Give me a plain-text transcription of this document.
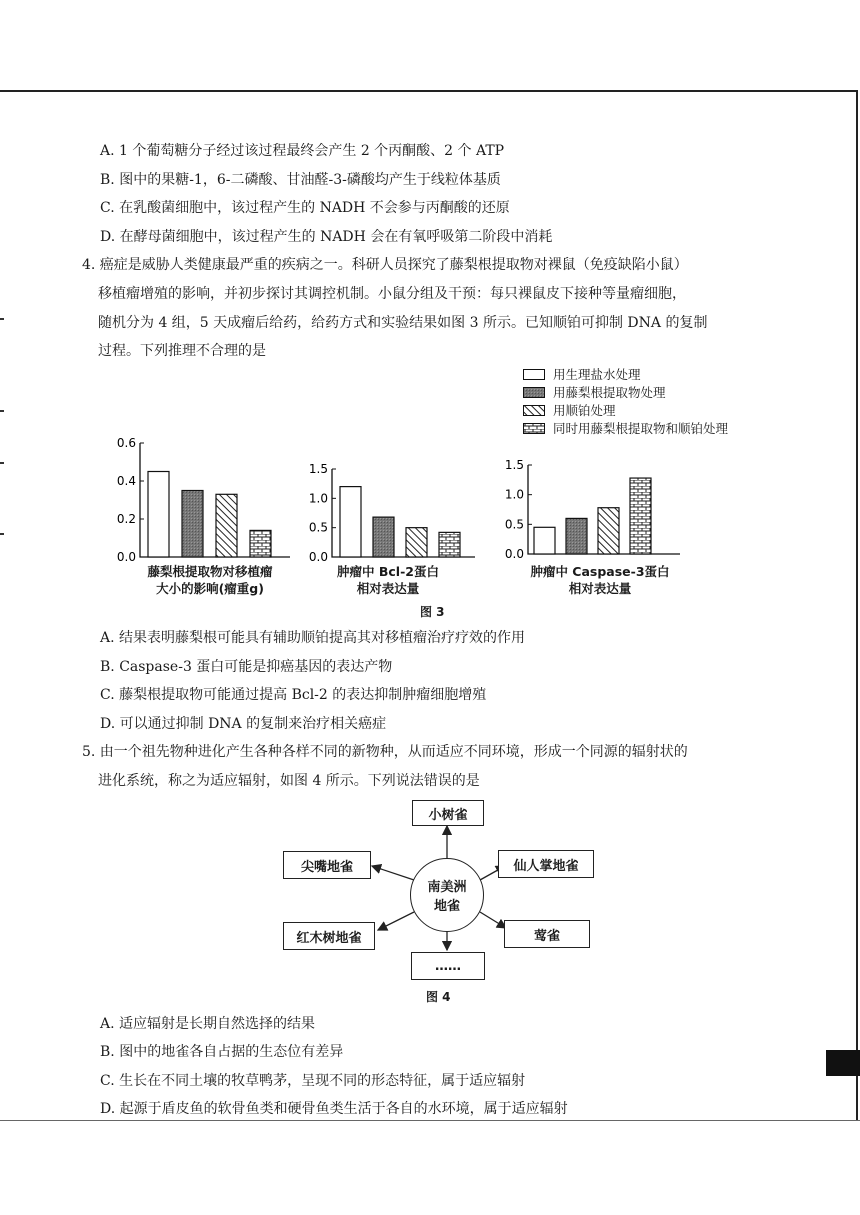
A. 1 个葡萄糖分子经过该过程最终会产生 2 个丙酮酸、2 个 ATP
B. 图中的果糖-1，6-二磷酸、甘油醛-3-磷酸均产生于线粒体基质
C. 在乳酸菌细胞中，该过程产生的 NADH 不会参与丙酮酸的还原
D. 在酵母菌细胞中，该过程产生的 NADH 会在有氧呼吸第二阶段中消耗
4. 癌症是威胁人类健康最严重的疾病之一。科研人员探究了藤梨根提取物对裸鼠（免疫缺陷小鼠）
移植瘤增殖的影响，并初步探讨其调控机制。小鼠分组及干预：每只裸鼠皮下接种等量瘤细胞，
随机分为 4 组，5 天成瘤后给药，给药方式和实验结果如图 3 所示。已知顺铂可抑制 DNA 的复制
过程。下列推理不合理的是
用生理盐水处理
用藤梨根提取物处理
用顺铂处理
同时用藤梨根提取物和顺铂处理
0.0
0.2
0.4
0.6
0.0
0.5
1.0
1.5
0.0
0.5
1.0
1.5
藤梨根提取物对移植瘤
大小的影响(瘤重g)
肿瘤中 Bcl-2蛋白
相对表达量
肿瘤中 Caspase-3蛋白
相对表达量
图 3
A. 结果表明藤梨根可能具有辅助顺铂提高其对移植瘤治疗疗效的作用
B. Caspase-3 蛋白可能是抑癌基因的表达产物
C. 藤梨根提取物可能通过提高 Bcl-2 的表达抑制肿瘤细胞增殖
D. 可以通过抑制 DNA 的复制来治疗相关癌症
5. 由一个祖先物种进化产生各种各样不同的新物种，从而适应不同环境，形成一个同源的辐射状的
进化系统，称之为适应辐射，如图 4 所示。下列说法错误的是
小树雀
尖嘴地雀	仙人掌地雀
红木树地雀	莺雀
……
南美洲
地雀
图 4
A. 适应辐射是长期自然选择的结果
B. 图中的地雀各自占据的生态位有差异
C. 生长在不同土壤的牧草鸭茅，呈现不同的形态特征，属于适应辐射
D. 起源于盾皮鱼的软骨鱼类和硬骨鱼类生活于各自的水环境，属于适应辐射
